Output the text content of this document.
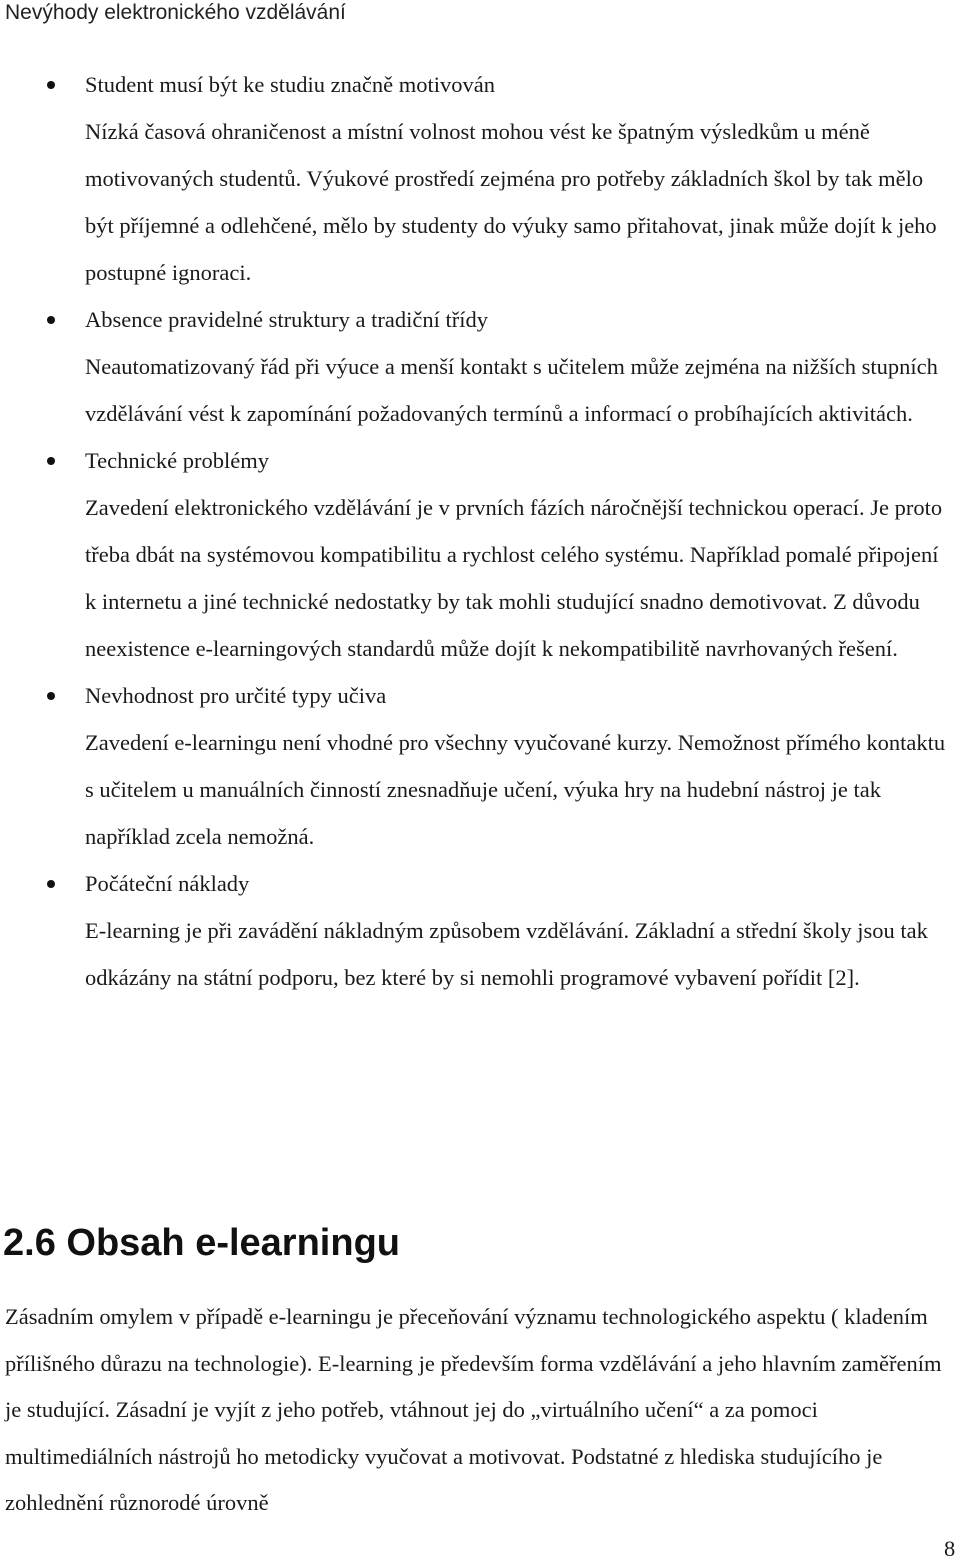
Nevýhody elektronického vzdělávání
Student musí být ke studiu značně motivován
Nízká časová ohraničenost a místní volnost mohou vést ke špatným výsledkům u méně motivovaných studentů. Výukové prostředí zejména pro potřeby základních škol by tak mělo být příjemné a odlehčené, mělo by studenty do výuky samo přitahovat, jinak může dojít k jeho postupné ignoraci.
Absence pravidelné struktury a tradiční třídy
Neautomatizovaný řád při výuce a menší kontakt s učitelem může zejména na nižších stupních vzdělávání vést k zapomínání požadovaných termínů a informací o probíhajících aktivitách.
Technické problémy
Zavedení elektronického vzdělávání je v prvních fázích náročnější technickou operací. Je proto třeba dbát na systémovou kompatibilitu a rychlost celého systému. Například pomalé připojení k internetu a jiné technické nedostatky by tak mohli studující snadno demotivovat. Z důvodu neexistence e-learningových standardů může dojít k nekompatibilitě navrhovaných řešení.
Nevhodnost pro určité typy učiva
Zavedení e-learningu není vhodné pro všechny vyučované kurzy. Nemožnost přímého kontaktu s učitelem u manuálních činností znesnadňuje učení, výuka hry na hudební nástroj je tak například zcela nemožná.
Počáteční náklady
E-learning je při zavádění nákladným způsobem vzdělávání. Základní a střední školy jsou tak odkázány na státní podporu, bez které by si nemohli programové vybavení pořídit [2].
2.6 Obsah e-learningu

Zásadním omylem v případě e-learningu je přeceňování významu technologického aspektu ( kladením přílišného důrazu na technologie). E-learning je především forma vzdělávání a jeho hlavním zaměřením je studující. Zásadní je vyjít z jeho potřeb, vtáhnout jej do „virtuálního učení“ a za pomoci multimediálních nástrojů ho metodicky vyučovat a motivovat. Podstatné z hlediska studujícího je zohlednění různorodé úrovně

8
